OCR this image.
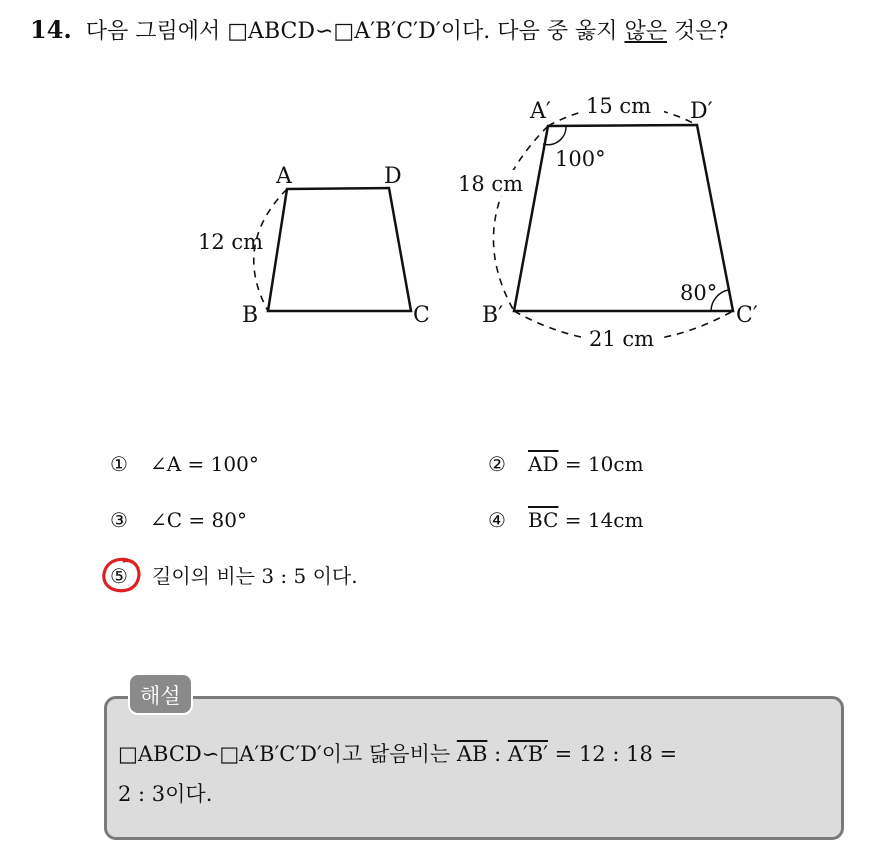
14. 다음 그림에서 □ABCD∽□A′B′C′D′이다. 다음 중 옳지 않은 것은?
A	D
B	C
12 cm
15 cm
18 cm
21 cm
A′	D′
B′	C′
100°
80°
① ∠A = 100°	② $\overline{AD} = 10cm$
③ ∠C = 80°	④ $\overline{BC} = 14cm$
⑤ 길이의 비는 3 : 5 이다.
해설
□ABCD∽□A′B′C′D′이고 닮음비는 $\overline{AB}$ : A′B′ = 12 : 18 =
2 : 3이다.
